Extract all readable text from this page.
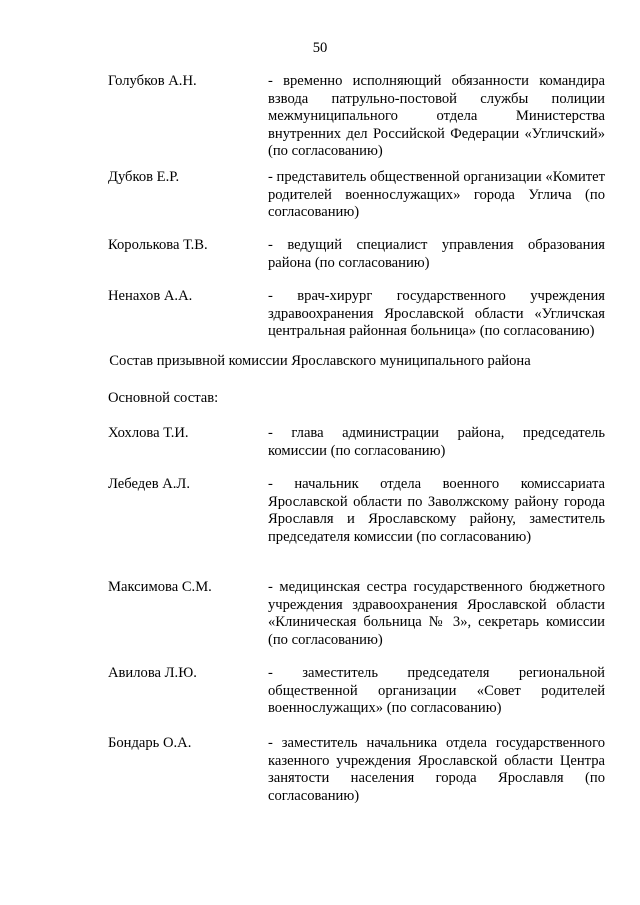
50
Голубков А.Н.	- временно исполняющий обязанности командира взвода патрульно-постовой службы полиции межмуниципального отдела Министерства внутренних дел Российской Федерации «Угличский» (по согласованию)
Дубков Е.Р.	- представитель общественной организации «Комитет родителей военнослужащих» города Углича (по согласованию)
Королькова Т.В.	- ведущий специалист управления образования района (по согласованию)
Ненахов А.А.	- врач-хирург государственного учреждения здравоохранения Ярославской области «Угличская центральная районная больница» (по согласованию)
Состав призывной комиссии Ярославского муниципального района
Основной состав:
Хохлова Т.И.	- глава администрации района, председатель комиссии (по согласованию)
Лебедев А.Л.	- начальник отдела военного комиссариата Ярославской области по Заволжскому району города Ярославля и Ярославскому району, заместитель председателя комиссии (по согласованию)
Максимова С.М.	- медицинская сестра государственного бюджетного учреждения здравоохранения Ярославской области «Клиническая больница № 3», секретарь комиссии (по согласованию)
Авилова Л.Ю.	- заместитель председателя региональной общественной организации «Совет родителей военнослужащих» (по согласованию)
Бондарь О.А.	- заместитель начальника отдела государственного казенного учреждения Ярославской области Центра занятости населения города Ярославля (по согласованию)
